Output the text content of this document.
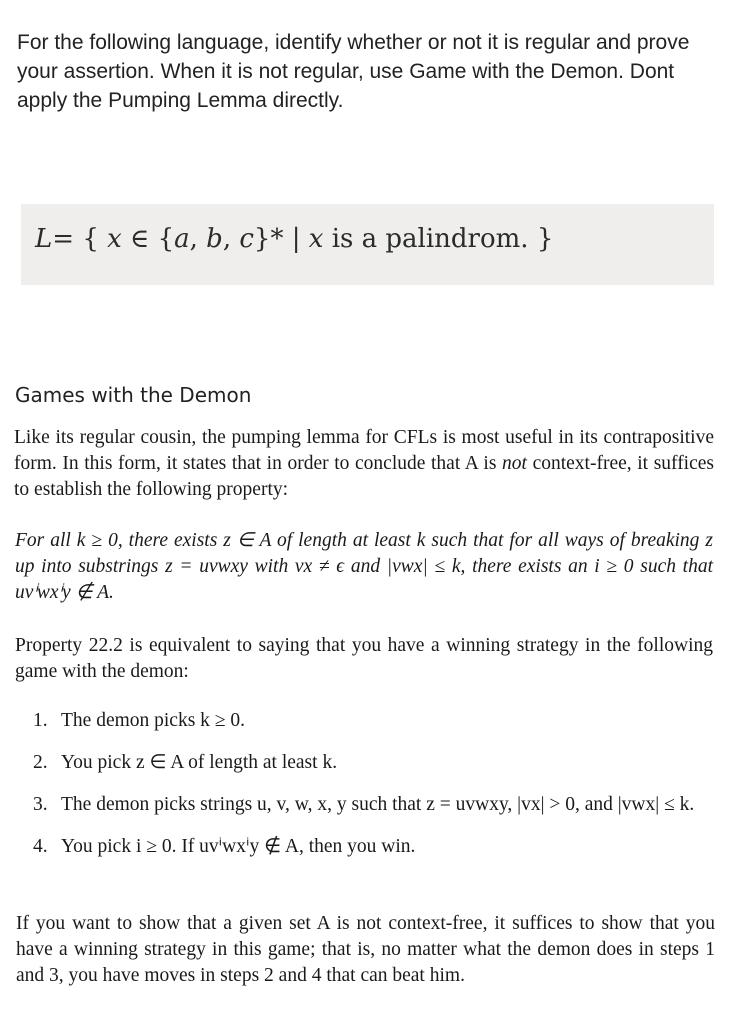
For the following language, identify whether or not it is regular and prove your assertion. When it is not regular, use Game with the Demon. Dont apply the Pumping Lemma directly.
L= { x ∈ {a, b, c}* | x is a palindrom. }
Games with the Demon
Like its regular cousin, the pumping lemma for CFLs is most useful in its contrapositive form. In this form, it states that in order to conclude that A is not context-free, it suffices to establish the following property:
For all k ≥ 0, there exists z ∈ A of length at least k such that for all ways of breaking z up into substrings z = uvwxy with vx ≠ ϵ and |vwx| ≤ k, there exists an i ≥ 0 such that uvⁱwxⁱy ∉ A.
Property 22.2 is equivalent to saying that you have a winning strategy in the following game with the demon:
1. The demon picks k ≥ 0.
2. You pick z ∈ A of length at least k.
3. The demon picks strings u, v, w, x, y such that z = uvwxy, |vx| > 0, and |vwx| ≤ k.
4. You pick i ≥ 0. If uvⁱwxⁱy ∉ A, then you win.
If you want to show that a given set A is not context-free, it suffices to show that you have a winning strategy in this game; that is, no matter what the demon does in steps 1 and 3, you have moves in steps 2 and 4 that can beat him.
